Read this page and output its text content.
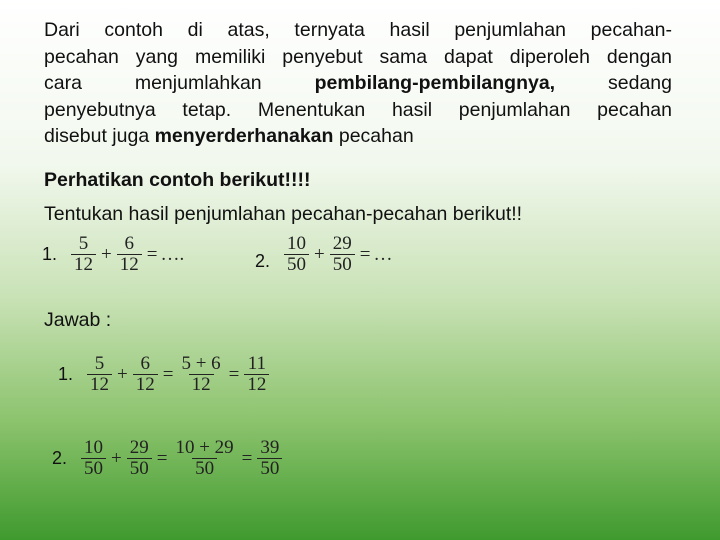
Dari contoh di atas, ternyata hasil penjumlahan pecahan-
pecahan yang memiliki penyebut sama dapat diperoleh dengan
cara menjumlahkan pembilang-pembilangnya, sedang
penyebutnya tetap. Menentukan hasil penjumlahan pecahan
disebut juga menyerderhanakan pecahan
Perhatikan contoh berikut!!!!
Tentukan hasil penjumlahan pecahan-pecahan berikut!!
1. $\frac{5}{12} + \frac{6}{12}$ = ….	2. $\frac{10}{50} + \frac{29}{50}$ = …
Jawab :
1. $\frac{5}{12} + \frac{6}{12} = \frac{5 + 6}{12} = \frac{11}{12}$
2. $\frac{10}{50} + \frac{29}{50} = \frac{10 + 29}{50} = \frac{39}{50}$
